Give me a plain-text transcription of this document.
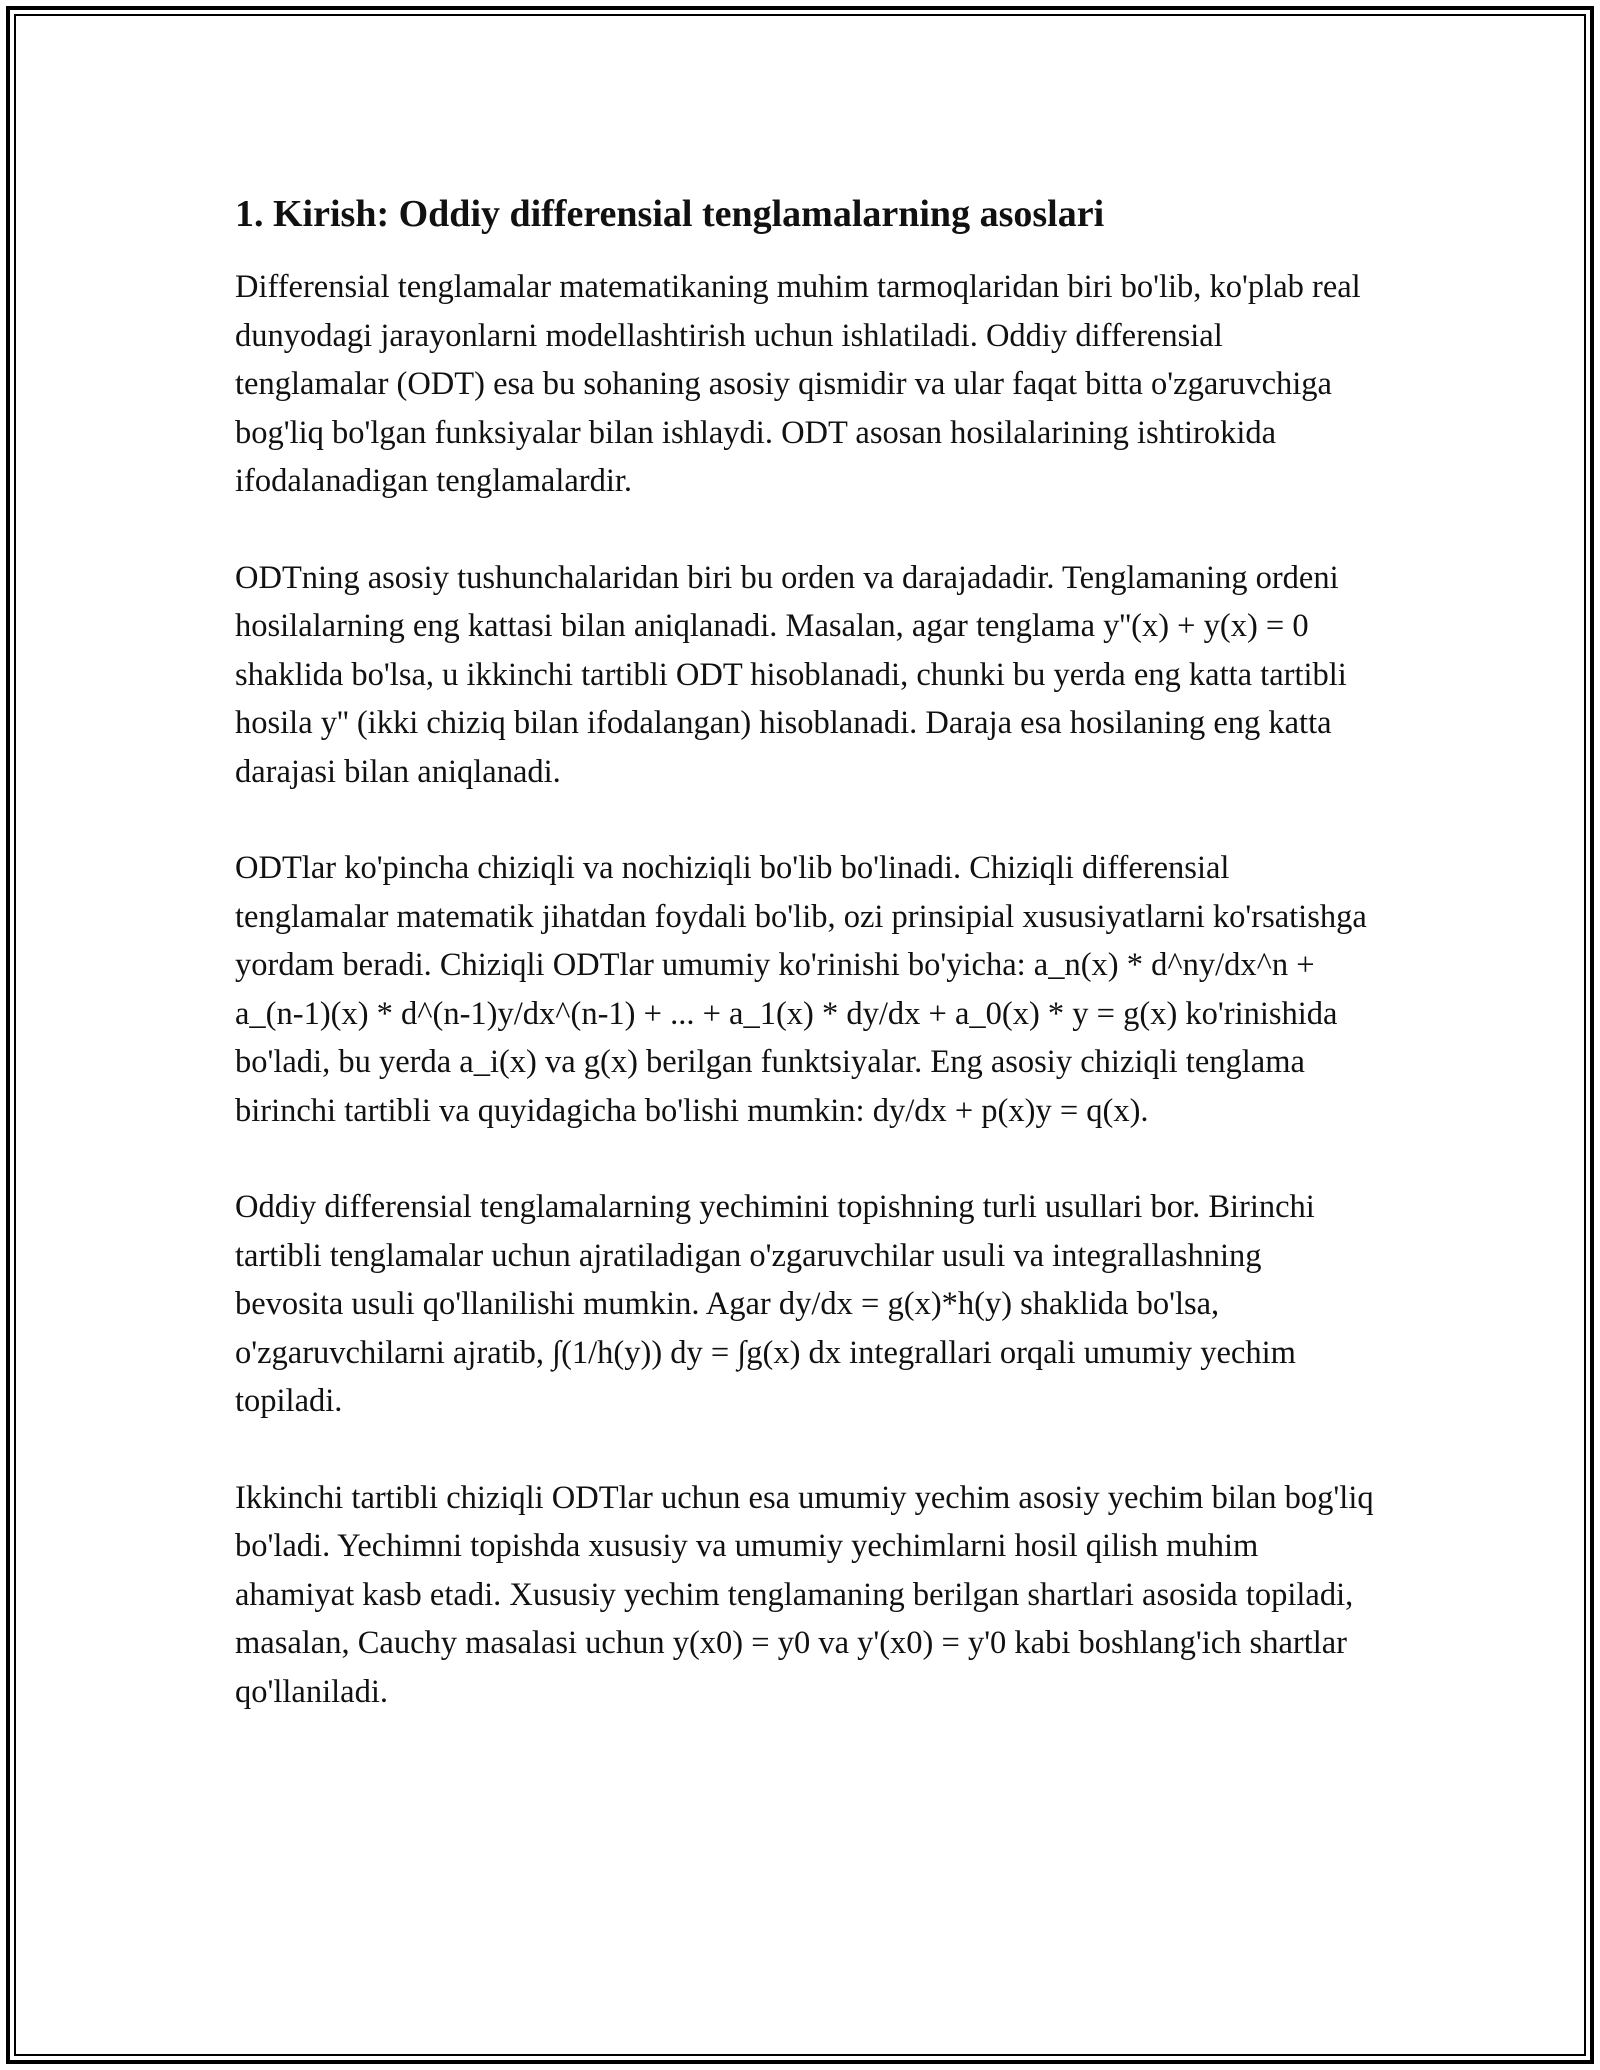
1. Kirish: Oddiy differensial tenglamalarning asoslari

Differensial tenglamalar matematikaning muhim tarmoqlaridan biri bo'lib, ko'plab real dunyodagi jarayonlarni modellashtirish uchun ishlatiladi. Oddiy differensial tenglamalar (ODT) esa bu sohaning asosiy qismidir va ular faqat bitta o'zgaruvchiga bog'liq bo'lgan funksiyalar bilan ishlaydi. ODT asosan hosilalarining ishtirokida ifodalanadigan tenglamalardir.

ODTning asosiy tushunchalaridan biri bu orden va darajadadir. Tenglamaning ordeni hosilalarning eng kattasi bilan aniqlanadi. Masalan, agar tenglama y''(x) + y(x) = 0 shaklida bo'lsa, u ikkinchi tartibli ODT hisoblanadi, chunki bu yerda eng katta tartibli hosila y'' (ikki chiziq bilan ifodalangan) hisoblanadi. Daraja esa hosilaning eng katta darajasi bilan aniqlanadi.

ODTlar ko'pincha chiziqli va nochiziqli bo'lib bo'linadi. Chiziqli differensial tenglamalar matematik jihatdan foydali bo'lib, ozi prinsipial xususiyatlarni ko'rsatishga yordam beradi. Chiziqli ODTlar umumiy ko'rinishi bo'yicha: a_n(x) * d^ny/dx^n + a_(n-1)(x) * d^(n-1)y/dx^(n-1) + ... + a_1(x) * dy/dx + a_0(x) * y = g(x) ko'rinishida bo'ladi, bu yerda a_i(x) va g(x) berilgan funktsiyalar. Eng asosiy chiziqli tenglama birinchi tartibli va quyidagicha bo'lishi mumkin: dy/dx + p(x)y = q(x).

Oddiy differensial tenglamalarning yechimini topishning turli usullari bor. Birinchi tartibli tenglamalar uchun ajratiladigan o'zgaruvchilar usuli va integrallashning bevosita usuli qo'llanilishi mumkin. Agar dy/dx = g(x)*h(y) shaklida bo'lsa, o'zgaruvchilarni ajratib, ∫(1/h(y)) dy = ∫g(x) dx integrallari orqali umumiy yechim topiladi.

Ikkinchi tartibli chiziqli ODTlar uchun esa umumiy yechim asosiy yechim bilan bog'liq bo'ladi. Yechimni topishda xususiy va umumiy yechimlarni hosil qilish muhim ahamiyat kasb etadi. Xususiy yechim tenglamaning berilgan shartlari asosida topiladi, masalan, Cauchy masalasi uchun y(x0) = y0 va y'(x0) = y'0 kabi boshlang'ich shartlar qo'llaniladi.
